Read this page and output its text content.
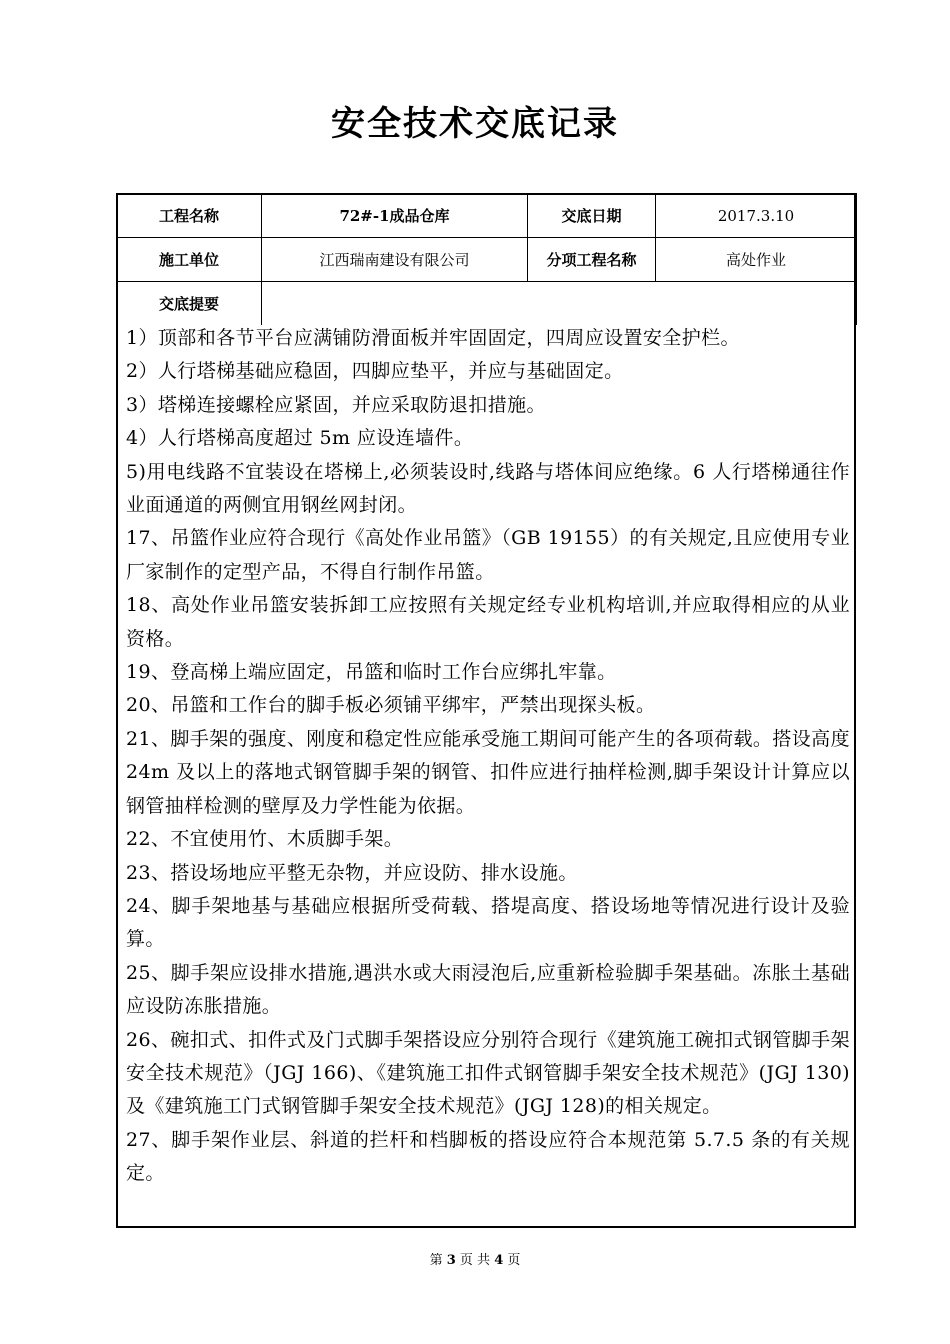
安全技术交底记录
工程名称	72#-1成品仓库	交底日期	2017.3.10
施工单位	江西瑞南建设有限公司	分项工程名称	高处作业
交底提要			

1）顶部和各节平台应满铺防滑面板并牢固固定，四周应设置安全护栏。

2）人行塔梯基础应稳固，四脚应垫平，并应与基础固定。

3）塔梯连接螺栓应紧固，并应采取防退扣措施。

4）人行塔梯高度超过 5m 应设连墙件。

5)用电线路不宜装设在塔梯上,必须装设时,线路与塔体间应绝缘。6 人行塔梯通往作业面通道的两侧宜用钢丝网封闭。

17、吊篮作业应符合现行《高处作业吊篮》（GB 19155）的有关规定,且应使用专业厂家制作的定型产品，不得自行制作吊篮。

18、高处作业吊篮安装拆卸工应按照有关规定经专业机构培训,并应取得相应的从业资格。

19、登高梯上端应固定，吊篮和临时工作台应绑扎牢靠。

20、吊篮和工作台的脚手板必须铺平绑牢，严禁出现探头板。

21、脚手架的强度、刚度和稳定性应能承受施工期间可能产生的各项荷载。搭设高度 24m 及以上的落地式钢管脚手架的钢管、扣件应进行抽样检测,脚手架设计计算应以钢管抽样检测的壁厚及力学性能为依据。

22、不宜使用竹、木质脚手架。

23、搭设场地应平整无杂物，并应设防、排水设施。

24、脚手架地基与基础应根据所受荷载、搭堤高度、搭设场地等情况进行设计及验算。

25、脚手架应设排水措施,遇洪水或大雨浸泡后,应重新检验脚手架基础。冻胀土基础应设防冻胀措施。

26、碗扣式、扣件式及门式脚手架搭设应分别符合现行《建筑施工碗扣式钢管脚手架安全技术规范》（JGJ 166)、《建筑施工扣件式钢管脚手架安全技术规范》(JGJ 130)及《建筑施工门式钢管脚手架安全技术规范》(JGJ 128)的相关规定。

27、脚手架作业层、斜道的拦杆和档脚板的搭设应符合本规范第 5.7.5 条的有关规定。

第 3 页 共 4 页
